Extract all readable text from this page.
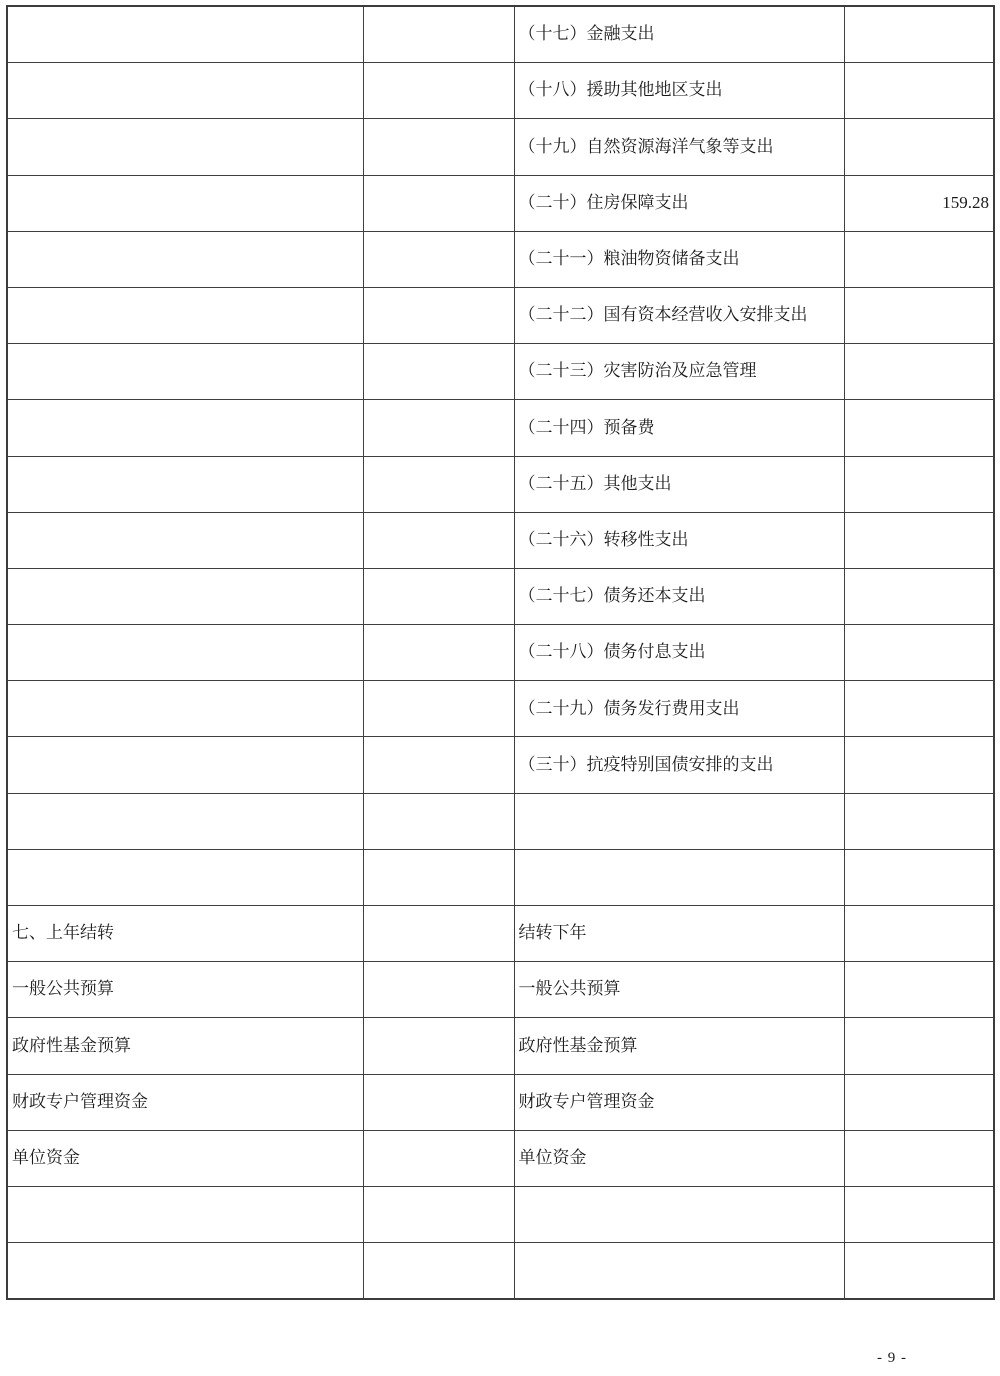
		（十七）金融支出	
		（十八）援助其他地区支出	
		（十九）自然资源海洋气象等支出	
		（二十）住房保障支出	159.28
		（二十一）粮油物资储备支出	
		（二十二）国有资本经营收入安排支出	
		（二十三）灾害防治及应急管理	
		（二十四）预备费	
		（二十五）其他支出	
		（二十六）转移性支出	
		（二十七）债务还本支出	
		（二十八）债务付息支出	
		（二十九）债务发行费用支出	
		（三十）抗疫特别国债安排的支出	

七、上年结转		结转下年	
一般公共预算		一般公共预算	
政府性基金预算		政府性基金预算	
财政专户管理资金		财政专户管理资金	
单位资金		单位资金	

- 9 -
